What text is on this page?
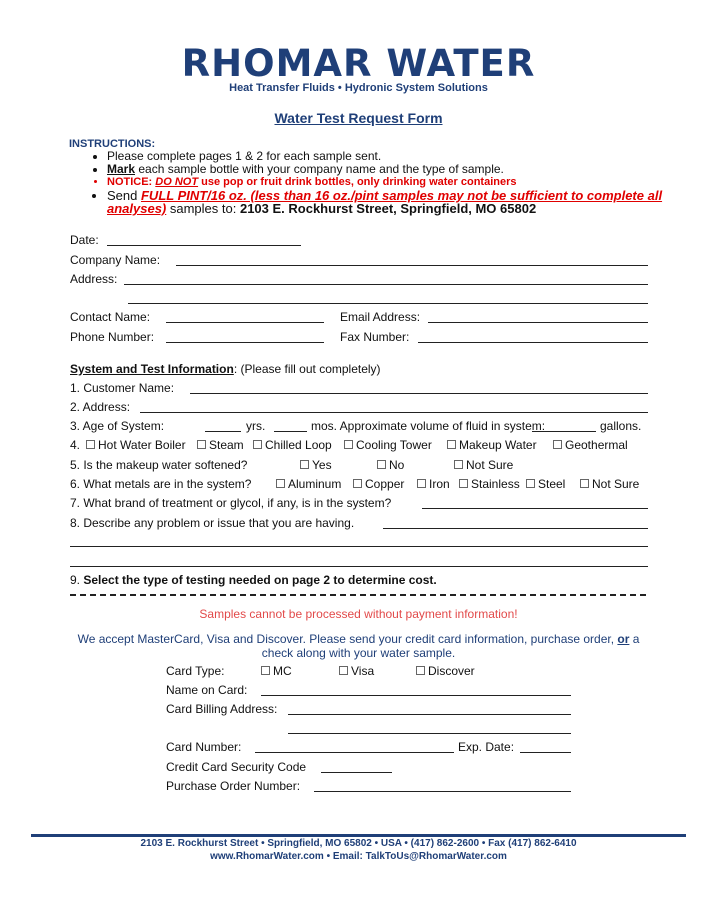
RHOMAR WATER
Heat Transfer Fluids • Hydronic System Solutions
Water Test Request Form
INSTRUCTIONS:
• Please complete pages 1 & 2 for each sample sent.
• Mark each sample bottle with your company name and the type of sample.
• NOTICE: DO NOT use pop or fruit drink bottles, only drinking water containers
• Send FULL PINT/16 oz. (less than 16 oz./pint samples may not be sufficient to complete all analyses) samples to: 2103 E. Rockhurst Street, Springfield, MO 65802
Date:
Company Name:
Address:
Contact Name:	Email Address:
Phone Number:	Fax Number:
System and Test Information: (Please fill out completely)
1. Customer Name:
2. Address:
3. Age of System:	yrs.	mos. Approximate volume of fluid in system:	gallons.
4.	Hot Water Boiler	Steam	Chilled Loop	Cooling Tower	Makeup Water	Geothermal
5. Is the makeup water softened?	Yes	No	Not Sure
6. What metals are in the system?	Aluminum	Copper	Iron	Stainless	Steel	Not Sure
7. What brand of treatment or glycol, if any, is in the system?
8. Describe any problem or issue that you are having.
9. Select the type of testing needed on page 2 to determine cost.
Samples cannot be processed without payment information!
We accept MasterCard, Visa and Discover. Please send your credit card information, purchase order, or a check along with your water sample.
Card Type:	MC	Visa	Discover
Name on Card:
Card Billing Address:
Card Number:	Exp. Date:
Credit Card Security Code
Purchase Order Number:
2103 E. Rockhurst Street • Springfield, MO 65802 • USA • (417) 862-2600 • Fax (417) 862-6410
www.RhomarWater.com • Email: TalkToUs@RhomarWater.com
